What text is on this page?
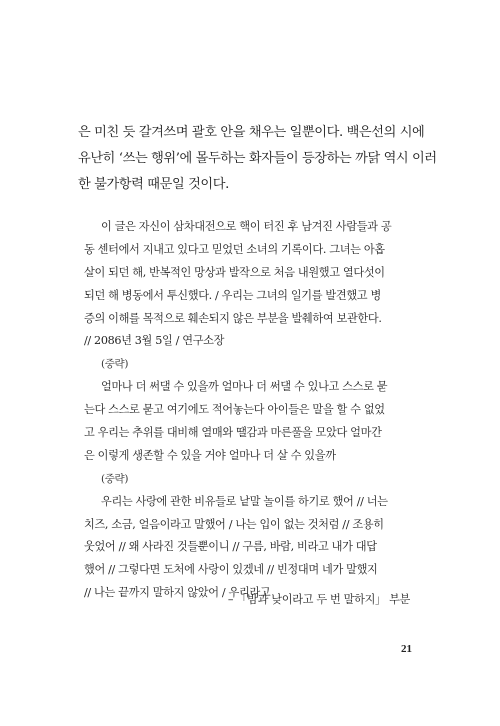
은 미친 듯 갈겨쓰며 괄호 안을 채우는 일뿐이다. 백은선의 시에
유난히 ‘쓰는 행위’에 몰두하는 화자들이 등장하는 까닭 역시 이러
한 불가항력 때문일 것이다.
이 글은 자신이 삼차대전으로 핵이 터진 후 남겨진 사람들과 공
동 센터에서 지내고 있다고 믿었던 소녀의 기록이다. 그녀는 아홉
살이 되던 해, 반복적인 망상과 발작으로 처음 내원했고 열다섯이
되던 해 병동에서 투신했다. / 우리는 그녀의 일기를 발견했고 병
증의 이해를 목적으로 훼손되지 않은 부분을 발췌하여 보관한다.
// 2086년 3월 5일 / 연구소장
(중략)
얼마나 더 써댈 수 있을까 얼마나 더 써댈 수 있나고 스스로 묻
는다 스스로 묻고 여기에도 적어놓는다 아이들은 말을 할 수 없었
고 우리는 추위를 대비해 열매와 땔감과 마른풀을 모았다 얼마간
은 이렇게 생존할 수 있을 거야 얼마나 더 살 수 있을까
(중략)
우리는 사랑에 관한 비유들로 낱말 놀이를 하기로 했어 // 너는
치즈, 소금, 얼음이라고 말했어 / 나는 입이 없는 것처럼 // 조용히
웃었어 // 왜 사라진 것들뿐이니 // 구름, 바람, 비라고 내가 대답
했어 // 그렇다면 도처에 사랑이 있겠네 // 빈정대며 네가 말했지
// 나는 끝까지 말하지 않았어 / 우리라고
– 「밤과 낮이라고 두 번 말하지」 부분
21
